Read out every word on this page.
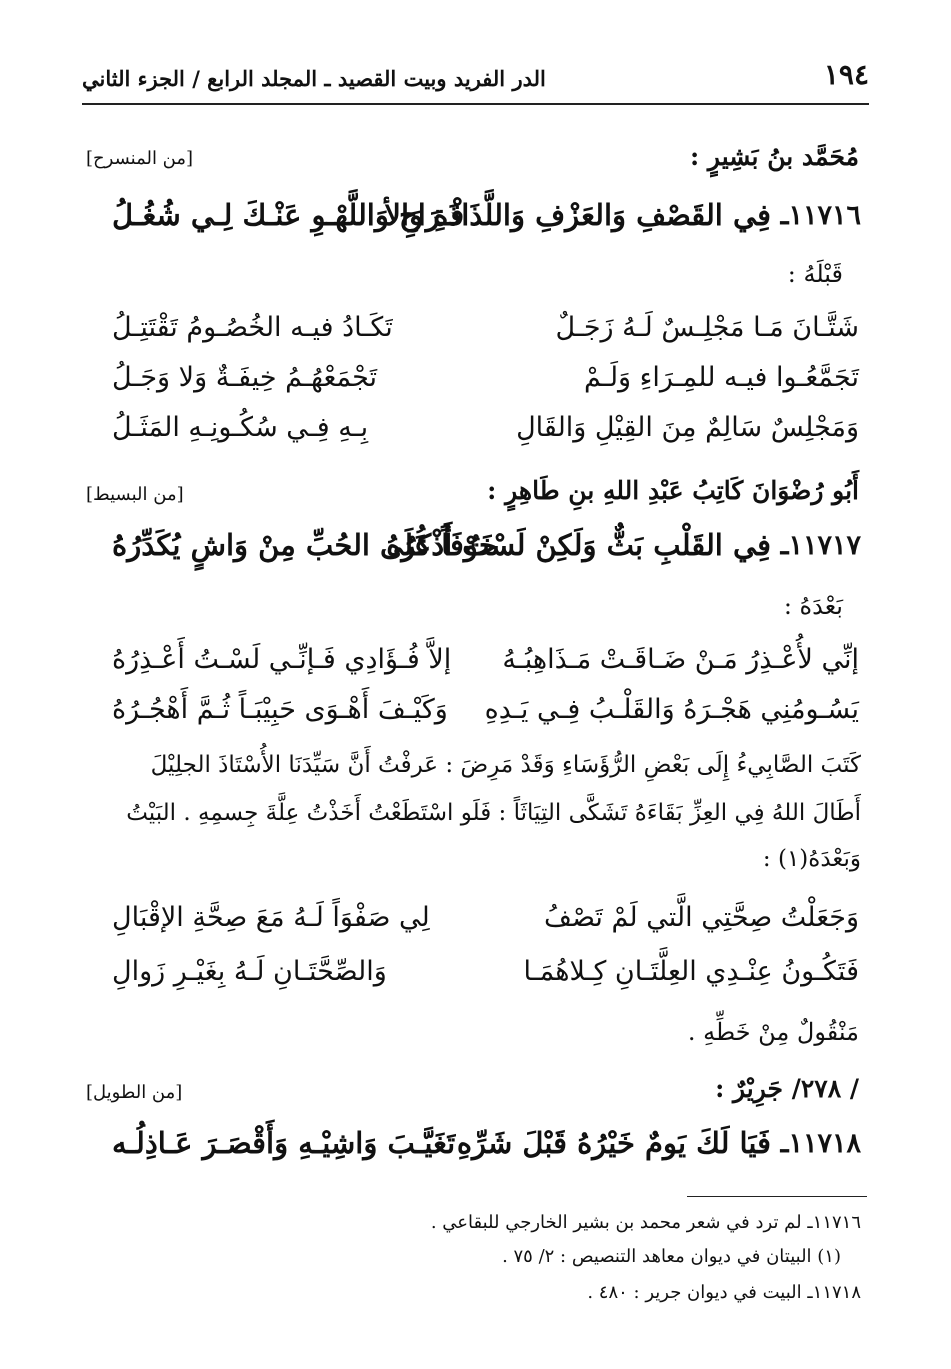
١٩٤
الدر الفريد وبيت القصيد ـ المجلد الرابع / الجزء الثاني
مُحَمَّد بنُ بَشِيرٍ :
[من المنسرح]
١١٧١٦ـ
فِي القَصْفِ وَالعَزْفِ وَاللَّذَاذَةِ وَالأ
فْـرَاحِ وَاللَّهْـوِ عَنْـكَ لِـي شُغُـلُ
قَبْلَهُ :
شَتَّـانَ مَـا مَجْلِـسٌ لَـهُ زَجَـلٌ
تَكَـادُ فيـه الخُصُـومُ تَقْتَتِـلُ
تَجَمَّعُـوا فيـه للمِـرَاءِ وَلَـمْ
تَجْمَعْهُـمُ خِيفَـةٌ وَلا وَجَـلُ
وَمَجْلِسٌ سَالِمٌ مِنَ القِيْلِ وَالقَالِ
بِـهِ فِـي سُكُـونِـهِ المَثَـلُ
أَبُو رُضْوَانَ كَاتِبُ عَبْدِ اللهِ بنِ طَاهِرٍ :
[من البسيط]
١١٧١٧ـ
فِي القَلْبِ بَثٌّ وَلَكِنْ لَسْتُ أَذْكُرُهُ
خَوْفَاً عَلَى الحُبِّ مِنْ وَاشٍ يُكَدِّرُهُ
بَعْدَهُ :
إنِّي لأُعْـذِرُ مَـنْ ضَـاقَـتْ مَـذَاهِبُـهُ
إلاَّ فُـؤَادِي فَـإنِّـي لَسْـتُ أَعْـذِرُهُ
يَسُـومُنِي هَجْـرَهُ وَالقَلْـبُ فِـي يَـدِهِ
وَكَيْـفَ أَهْـوَى حَبِيْبَـاً ثُـمَّ أَهْجُـرُهُ
كَتَبَ الصَّابِيءُ إِلَى بَعْضِ الرُّؤَسَاءِ وَقَدْ مَرِضَ : عَرفْتُ أَنَّ سَيِّدَنَا الأُسْتَاذَ الجلِيْلَ
أَطَالَ اللهُ فِي العِزِّ بَقَاءَهُ تَشَكَّى التِيَاثَاً : فَلَو اسْتَطَعْتُ أَخَذْتُ عِلَّةَ جِسمِهِ . البَيْتُ
وَبَعْدَهُ(١) :
وَجَعَلْتُ صِحَّتِي الَّتي لَمْ تَصْفُ
لِي صَفْوَاً لَـهُ مَعَ صِحَّةِ الإقْبَالِ
فَتَكُـونُ عِنْـدِي العِلَّتَـانِ كِـلاهُمَـا
وَالصِّحَّتَـانِ لَـهُ بِغَيْـرِ زَوالِ
مَنْقُولٌ مِنْ خَطِّهِ .
/ ٢٧٨/ جَرِيْرٌ :
[من الطويل]
١١٧١٨ـ
فَيَا لَكَ يَومٌ خَيْرُهُ قَبْلَ شَرِّهِ
تَغَيَّـبَ وَاشِيْـهِ وَأَقْصَـرَ عَـاذِلُـه
١١٧١٦ـ لم ترد في شعر محمد بن بشير الخارجي للبقاعي .
(١) البيتان في ديوان معاهد التنصيص : ٢/ ٧٥ .
١١٧١٨ـ البيت في ديوان جرير : ٤٨٠ .
